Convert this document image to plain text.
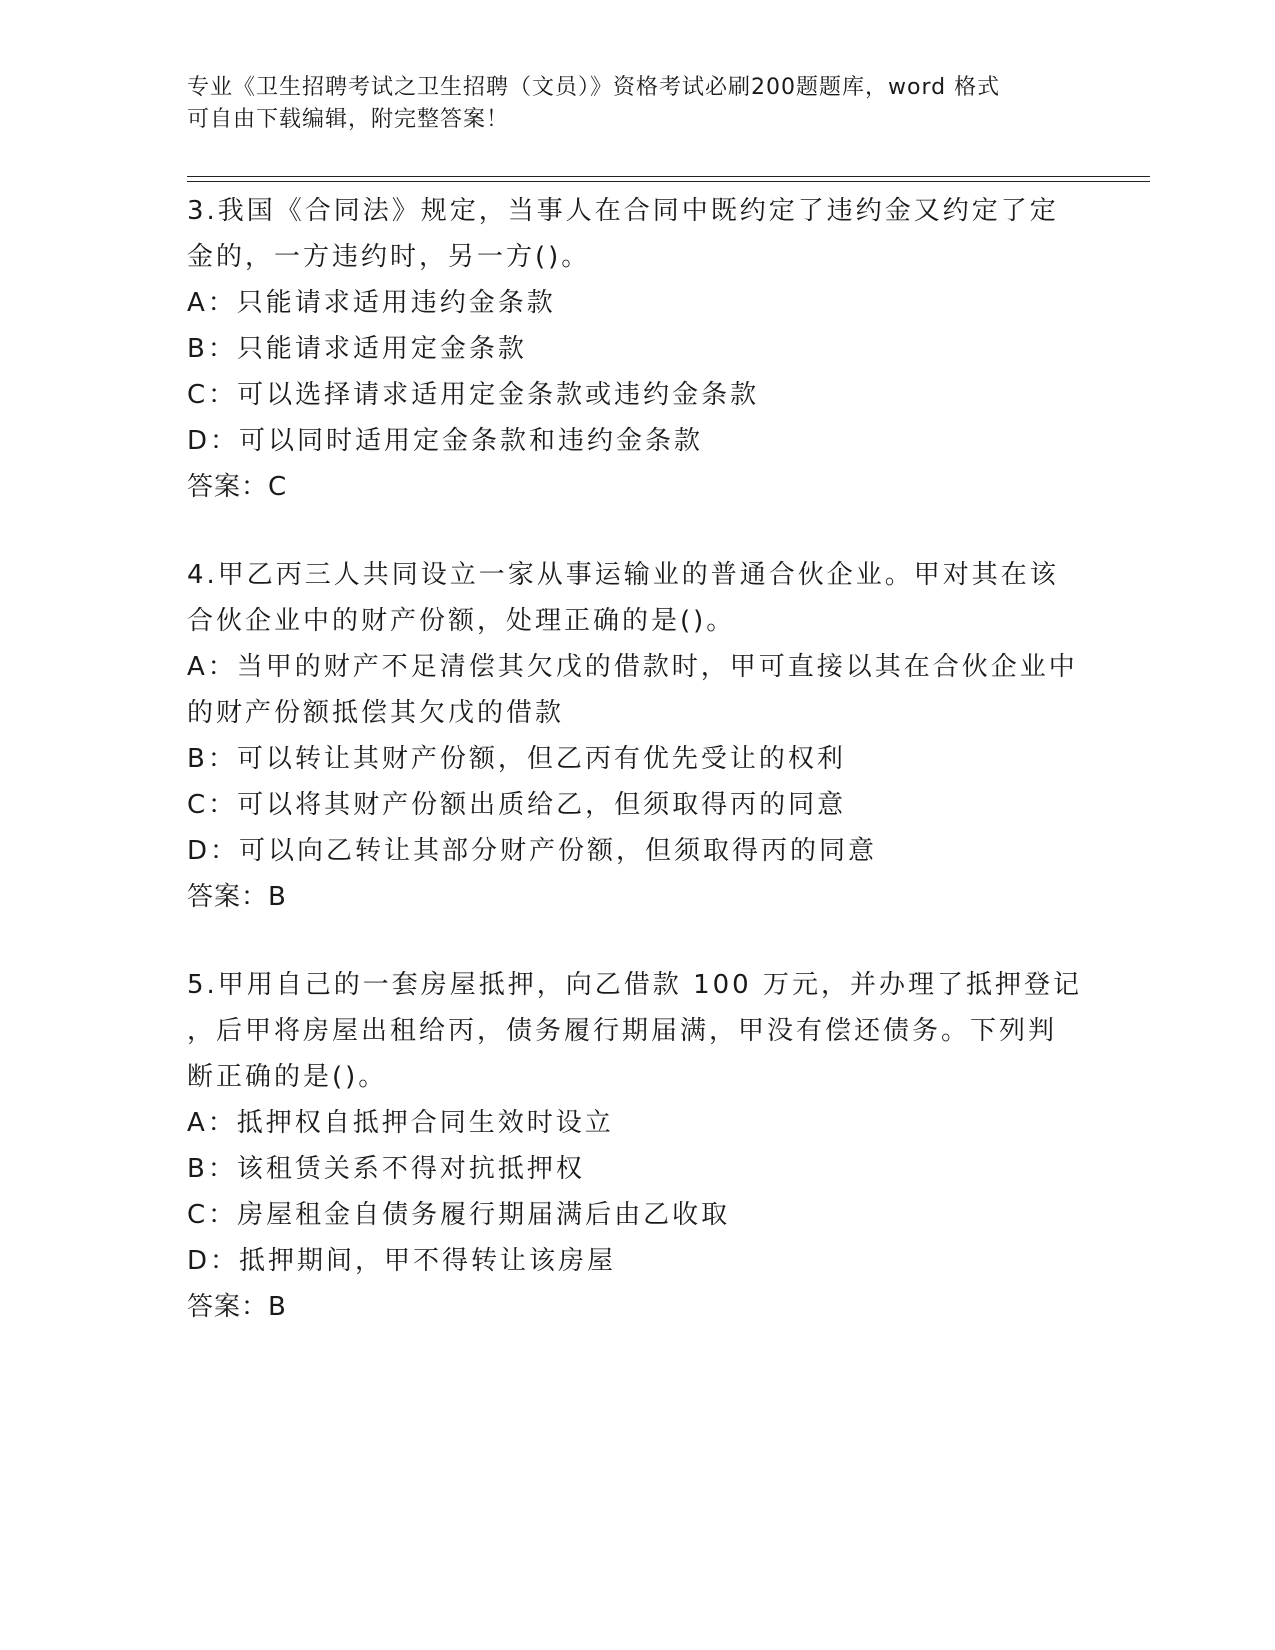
专业《卫生招聘考试之卫生招聘（文员）》资格考试必刷200题题库，word 格式
可自由下载编辑，附完整答案！
3.我国《合同法》规定，当事人在合同中既约定了违约金又约定了定
金的，一方违约时，另一方()。
A：只能请求适用违约金条款
B：只能请求适用定金条款
C：可以选择请求适用定金条款或违约金条款
D：可以同时适用定金条款和违约金条款
答案：C
4.甲乙丙三人共同设立一家从事运输业的普通合伙企业。甲对其在该
合伙企业中的财产份额，处理正确的是()。
A：当甲的财产不足清偿其欠戊的借款时，甲可直接以其在合伙企业中
的财产份额抵偿其欠戊的借款
B：可以转让其财产份额，但乙丙有优先受让的权利
C：可以将其财产份额出质给乙，但须取得丙的同意
D：可以向乙转让其部分财产份额，但须取得丙的同意
答案：B
5.甲用自己的一套房屋抵押，向乙借款 100 万元，并办理了抵押登记
，后甲将房屋出租给丙，债务履行期届满，甲没有偿还债务。下列判
断正确的是()。
A：抵押权自抵押合同生效时设立
B：该租赁关系不得对抗抵押权
C：房屋租金自债务履行期届满后由乙收取
D：抵押期间，甲不得转让该房屋
答案：B
